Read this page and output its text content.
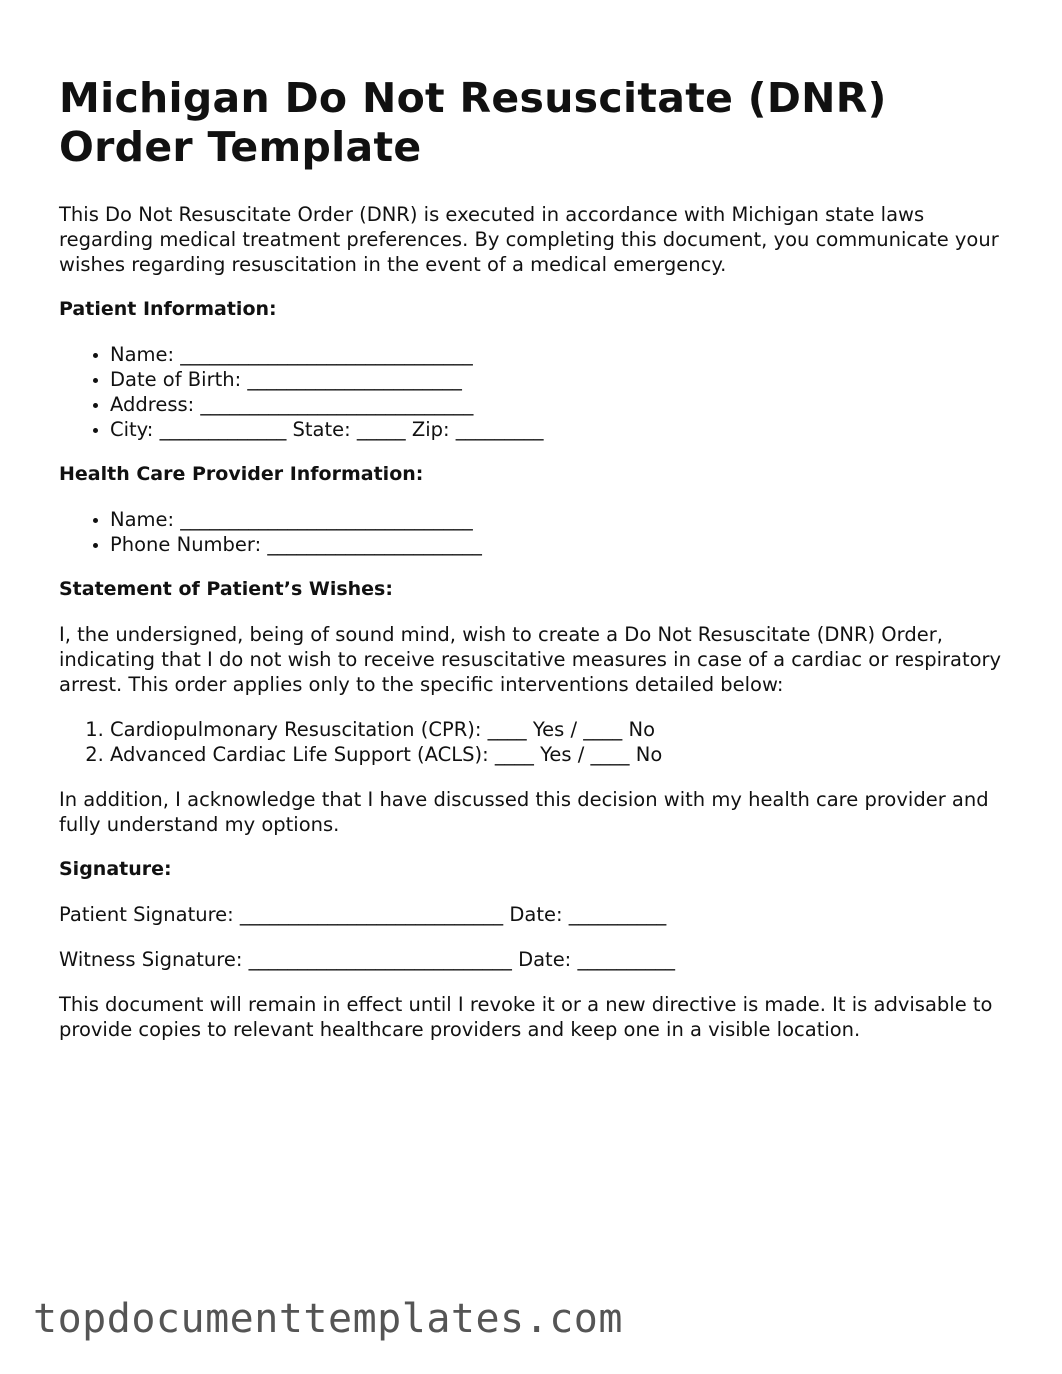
Michigan Do Not Resuscitate (DNR) Order Template

This Do Not Resuscitate Order (DNR) is executed in accordance with Michigan state laws regarding medical treatment preferences. By completing this document, you communicate your wishes regarding resuscitation in the event of a medical emergency.

Patient Information:

• Name: ______________________________
• Date of Birth: ______________________
• Address: ____________________________
• City: _____________ State: _____ Zip: _________

Health Care Provider Information:

• Name: ______________________________
• Phone Number: ______________________

Statement of Patient’s Wishes:

I, the undersigned, being of sound mind, wish to create a Do Not Resuscitate (DNR) Order, indicating that I do not wish to receive resuscitative measures in case of a cardiac or respiratory arrest. This order applies only to the specific interventions detailed below:

1. Cardiopulmonary Resuscitation (CPR): ____ Yes / ____ No
2. Advanced Cardiac Life Support (ACLS): ____ Yes / ____ No

In addition, I acknowledge that I have discussed this decision with my health care provider and fully understand my options.

Signature:

Patient Signature: ___________________________ Date: __________

Witness Signature: ___________________________ Date: __________

This document will remain in effect until I revoke it or a new directive is made. It is advisable to provide copies to relevant healthcare providers and keep one in a visible location.

topdocumenttemplates.com
